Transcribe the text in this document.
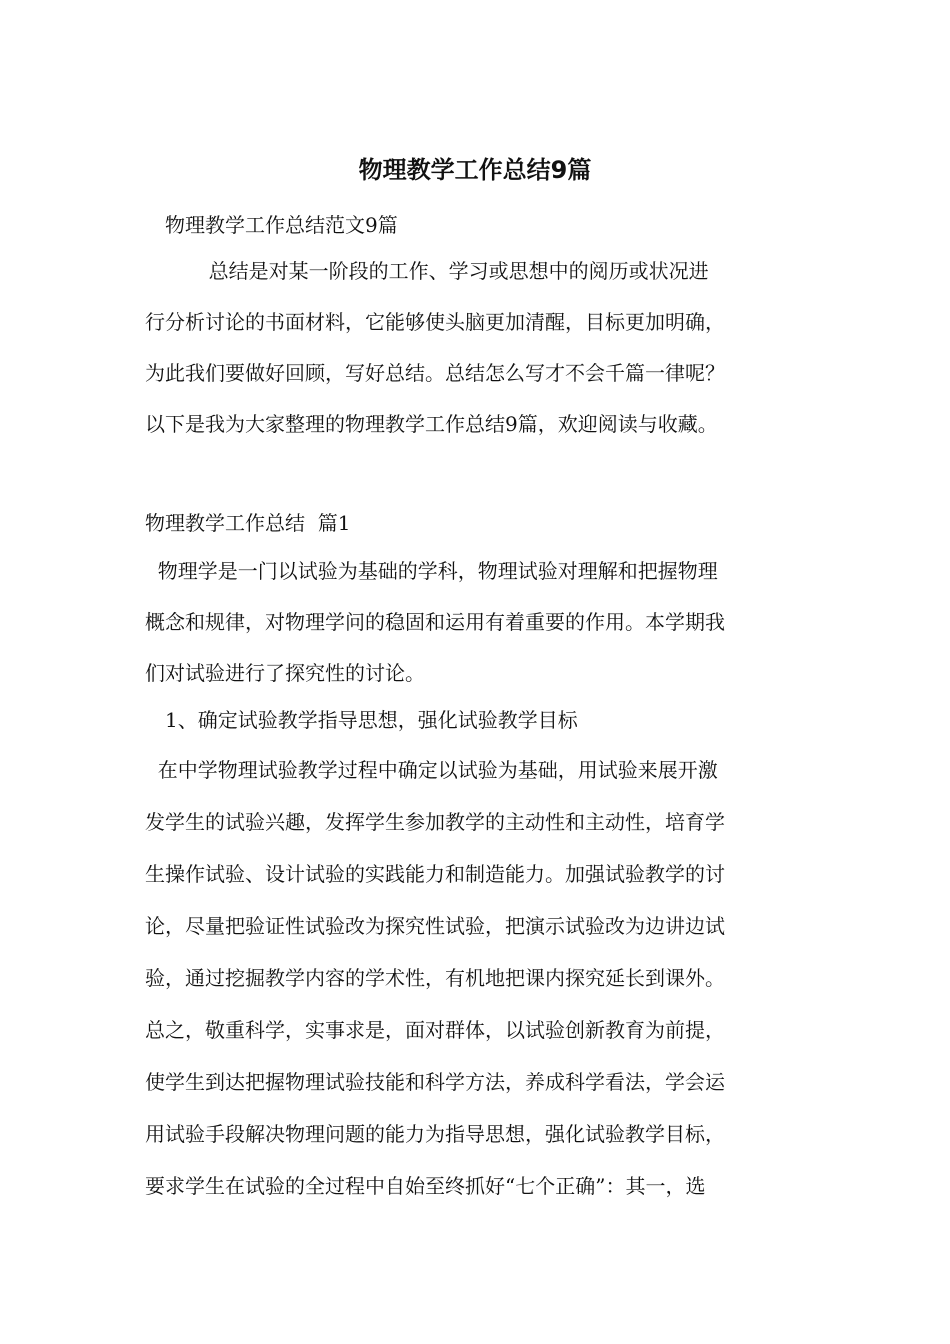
物理教学工作总结9篇

物理教学工作总结范文9篇

总结是对某一阶段的工作、学习或思想中的阅历或状况进
行分析讨论的书面材料，它能够使头脑更加清醒，目标更加明确，
为此我们要做好回顾，写好总结。总结怎么写才不会千篇一律呢？
以下是我为大家整理的物理教学工作总结9篇，欢迎阅读与收藏。

物理教学工作总结  篇1

物理学是一门以试验为基础的学科，物理试验对理解和把握物理
概念和规律，对物理学问的稳固和运用有着重要的作用。本学期我
们对试验进行了探究性的讨论。

1、确定试验教学指导思想，强化试验教学目标

在中学物理试验教学过程中确定以试验为基础，用试验来展开激
发学生的试验兴趣，发挥学生参加教学的主动性和主动性，培育学
生操作试验、设计试验的实践能力和制造能力。加强试验教学的讨
论，尽量把验证性试验改为探究性试验，把演示试验改为边讲边试
验，通过挖掘教学内容的学术性，有机地把课内探究延长到课外。
总之，敬重科学，实事求是，面对群体，以试验创新教育为前提，
使学生到达把握物理试验技能和科学方法，养成科学看法，学会运
用试验手段解决物理问题的能力为指导思想，强化试验教学目标，
要求学生在试验的全过程中自始至终抓好“七个正确”：其一，选
